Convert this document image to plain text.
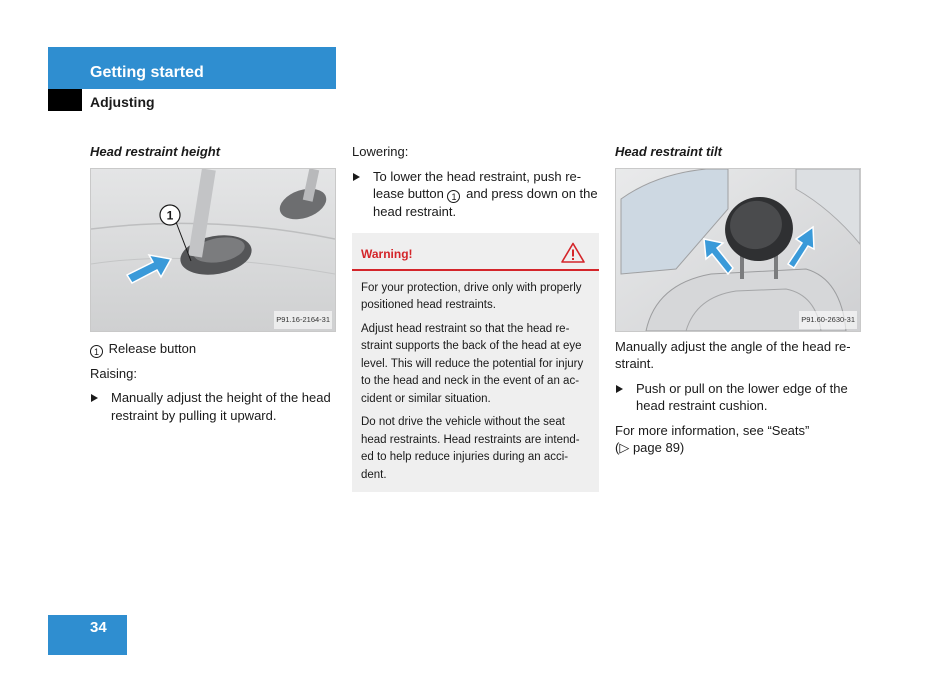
Getting started
Adjusting

Head restraint height

1
P91.16-2164-31

1 Release button

Raising:

Manually adjust the height of the head restraint by pulling it upward.

Lowering:

To lower the head restraint, push re-lease button 1 and press down on the head restraint.
Warning!

For your protection, drive only with properly positioned head restraints.

Adjust head restraint so that the head re-straint supports the back of the head at eye level. This will reduce the potential for injury to the head and neck in the event of an ac-cident or similar situation.

Do not drive the vehicle without the seat head restraints. Head restraints are intend-ed to help reduce injuries during an acci-dent.

Head restraint tilt

P91.60-2630-31

Manually adjust the angle of the head re-straint.

Push or pull on the lower edge of the head restraint cushion.

For more information, see “Seats”
(▷ page 89)

34
